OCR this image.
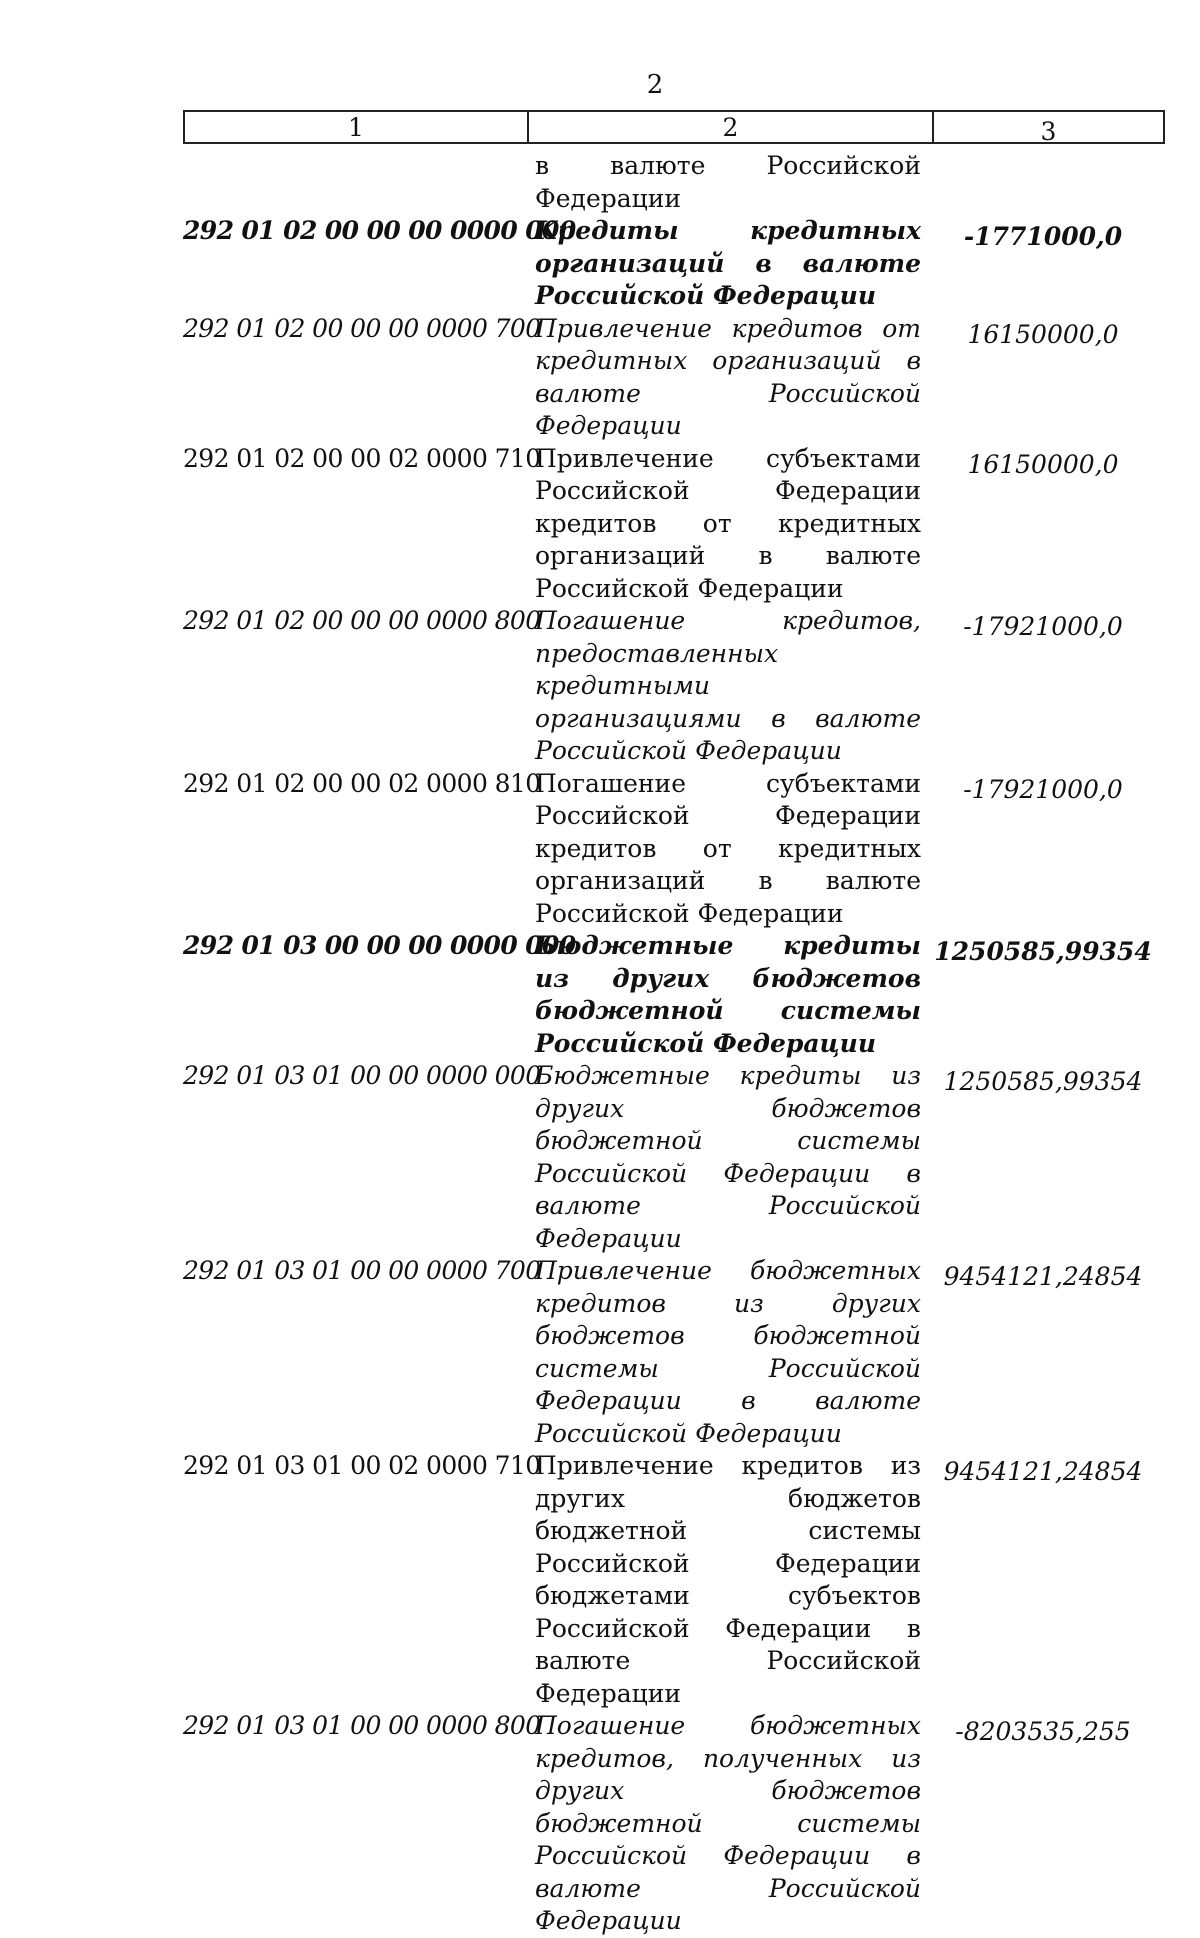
2
1	2	3
в валюте Российской Федерации
292 01 02 00 00 00 0000 000
Кредиты кредитных организаций в валюте Российской Федерации
-1771000,0
292 01 02 00 00 00 0000 700
Привлечение кредитов от кредитных организаций в валюте Российской Федерации
16150000,0
292 01 02 00 00 02 0000 710
Привлечение субъектами Российской Федерации кредитов от кредитных организаций в валюте Российской Федерации
16150000,0
292 01 02 00 00 00 0000 800
Погашение кредитов, предоставленных кредитными организациями в валюте Российской Федерации
-17921000,0
292 01 02 00 00 02 0000 810
Погашение субъектами Российской Федерации кредитов от кредитных организаций в валюте Российской Федерации
-17921000,0
292 01 03 00 00 00 0000 000
Бюджетные кредиты из других бюджетов бюджетной системы Российской Федерации
1250585,99354
292 01 03 01 00 00 0000 000
Бюджетные кредиты из других бюджетов бюджетной системы Российской Федерации в валюте Российской Федерации
1250585,99354
292 01 03 01 00 00 0000 700
Привлечение бюджетных кредитов из других бюджетов бюджетной системы Российской Федерации в валюте Российской Федерации
9454121,24854
292 01 03 01 00 02 0000 710
Привлечение кредитов из других бюджетов бюджетной системы Российской Федерации бюджетами субъектов Российской Федерации в валюте Российской Федерации
9454121,24854
292 01 03 01 00 00 0000 800
Погашение бюджетных кредитов, полученных из других бюджетов бюджетной системы Российской Федерации в валюте Российской Федерации
-8203535,255
